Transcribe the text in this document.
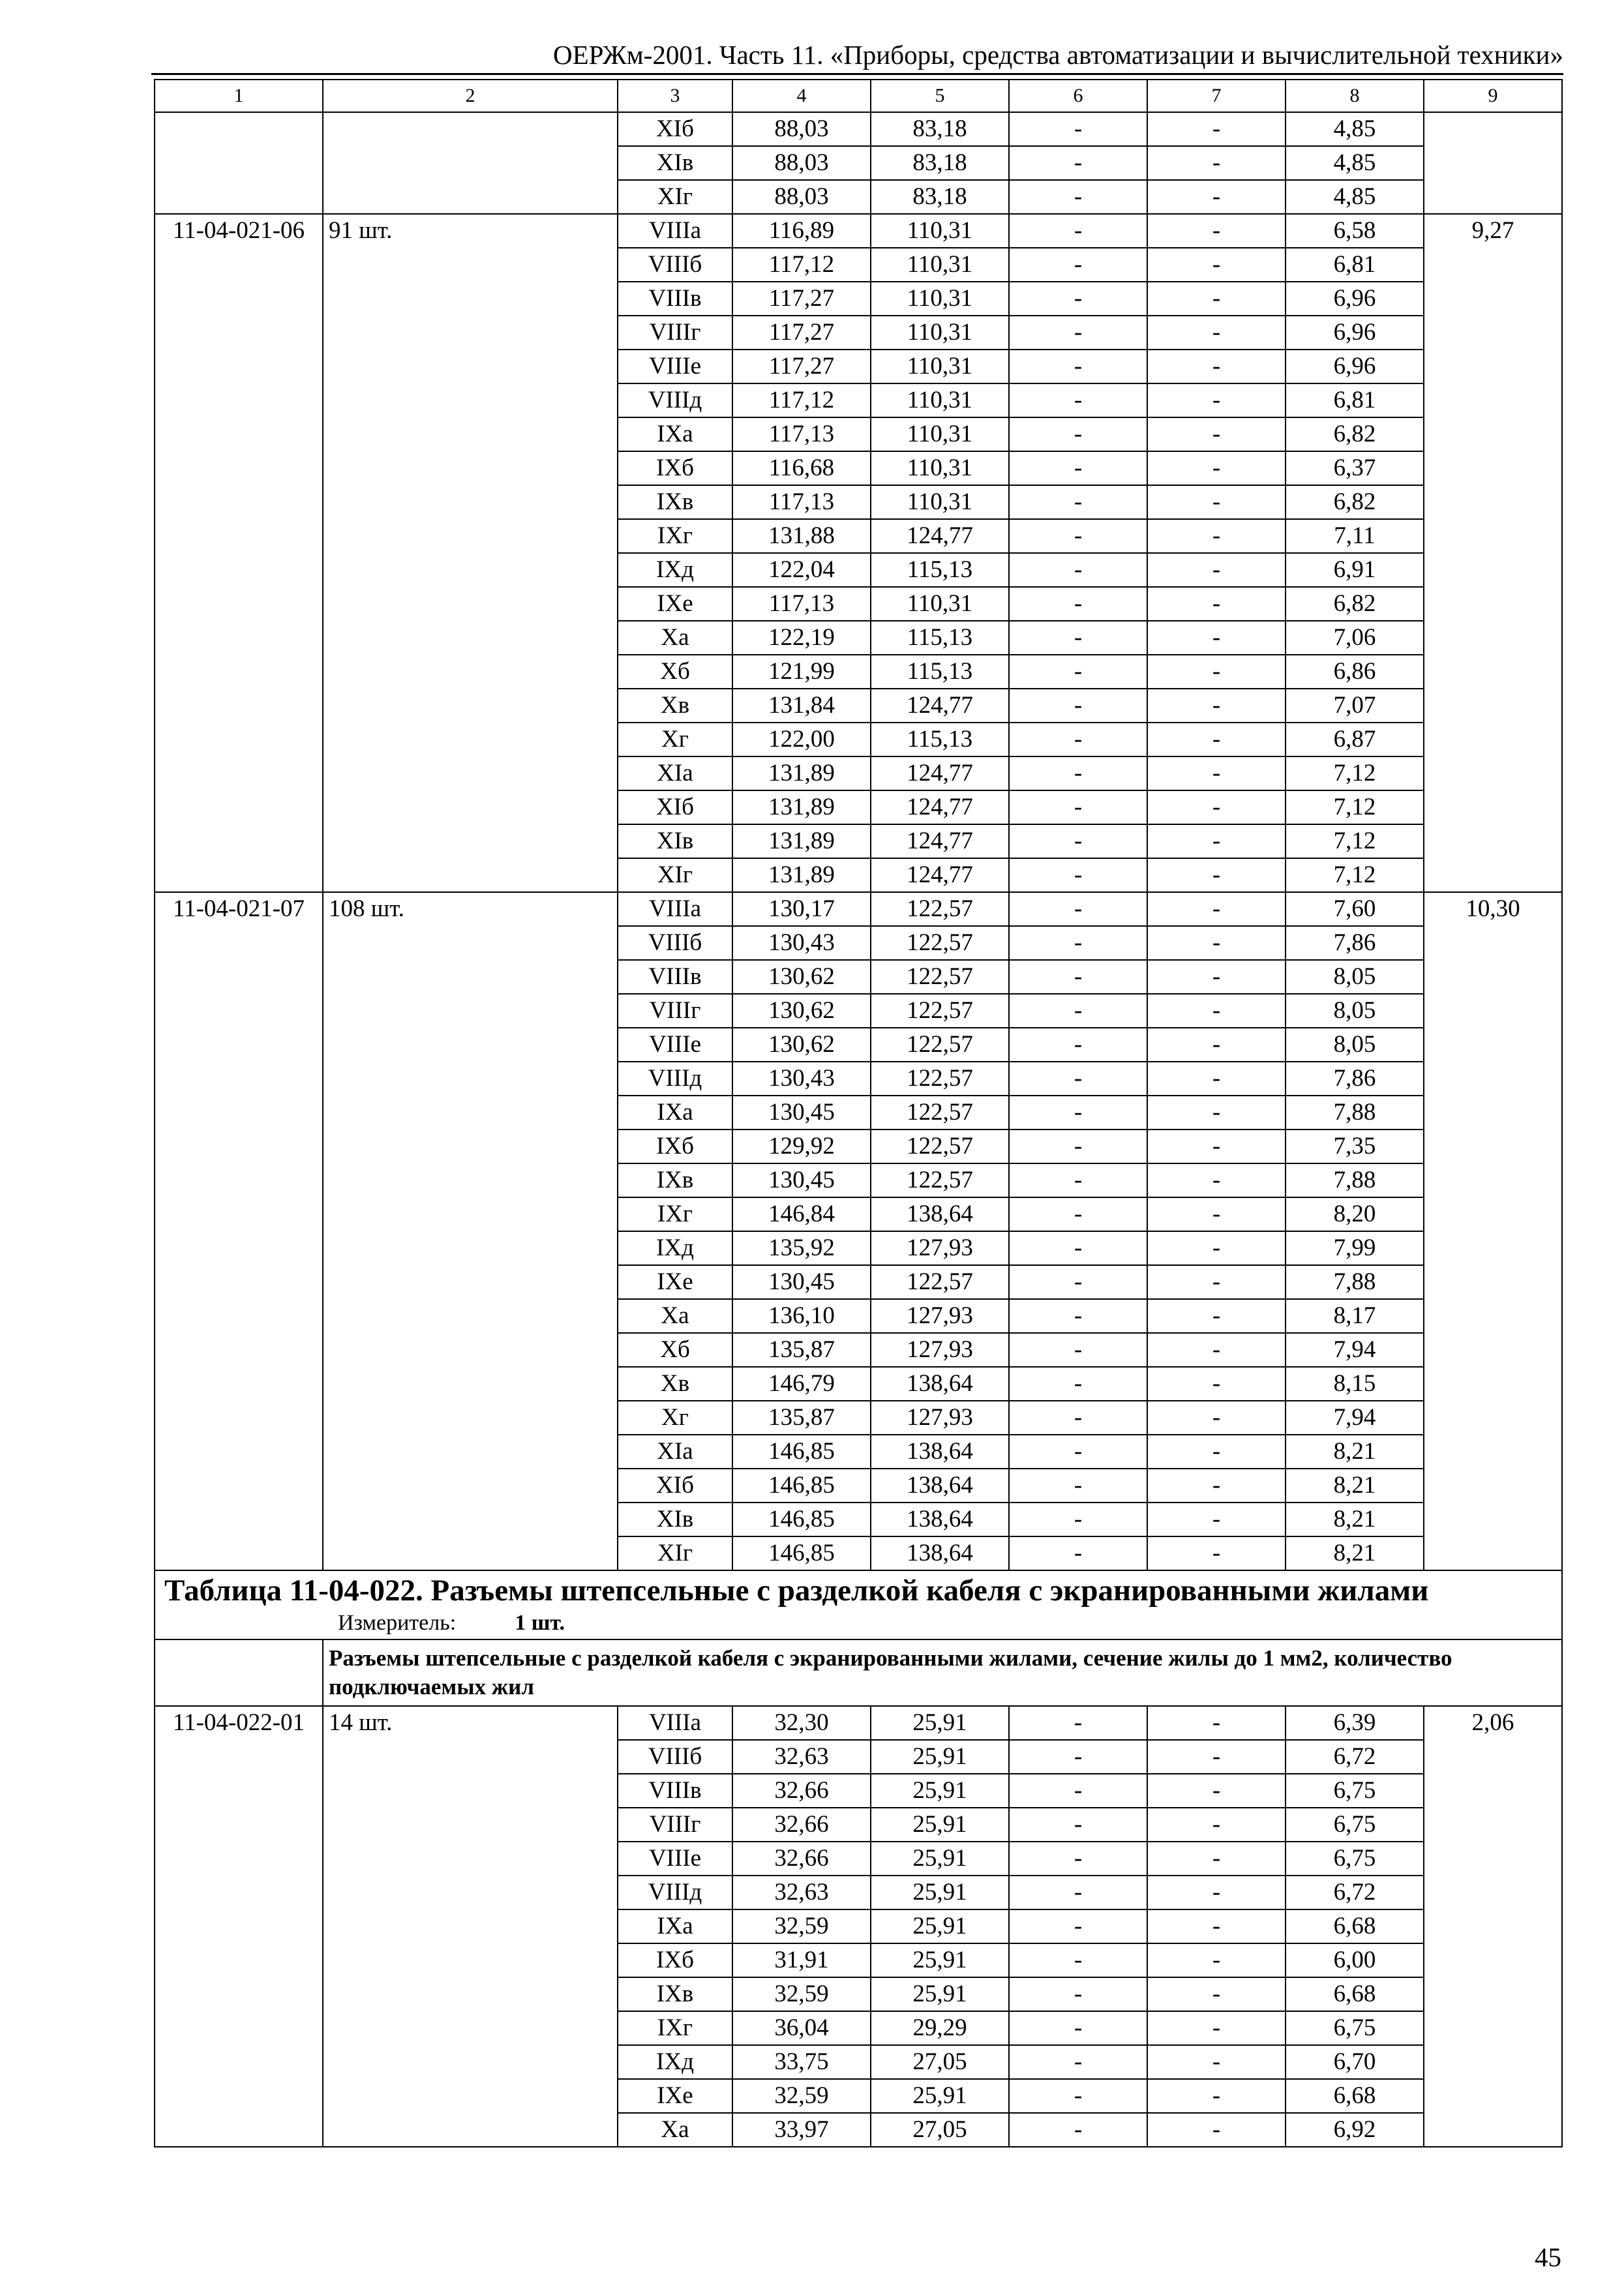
ОЕРЖм-2001. Часть 11. «Приборы, средства автоматизации и вычислительной техники»
1	2	3	4	5	6	7	8	9
		XIб	88,03	83,18	-	-	4,85	
		XIв	88,03	83,18	-	-	4,85	
		XIг	88,03	83,18	-	-	4,85	
11-04-021-06	91 шт.	VIIIа	116,89	110,31	-	-	6,58	9,27
		VIIIб	117,12	110,31	-	-	6,81	
		VIIIв	117,27	110,31	-	-	6,96	
		VIIIг	117,27	110,31	-	-	6,96	
		VIIIе	117,27	110,31	-	-	6,96	
		VIIIд	117,12	110,31	-	-	6,81	
		IXа	117,13	110,31	-	-	6,82	
		IXб	116,68	110,31	-	-	6,37	
		IXв	117,13	110,31	-	-	6,82	
		IXг	131,88	124,77	-	-	7,11	
		IXд	122,04	115,13	-	-	6,91	
		IXе	117,13	110,31	-	-	6,82	
		Xа	122,19	115,13	-	-	7,06	
		Xб	121,99	115,13	-	-	6,86	
		Xв	131,84	124,77	-	-	7,07	
		Xг	122,00	115,13	-	-	6,87	
		XIа	131,89	124,77	-	-	7,12	
		XIб	131,89	124,77	-	-	7,12	
		XIв	131,89	124,77	-	-	7,12	
		XIг	131,89	124,77	-	-	7,12	
11-04-021-07	108 шт.	VIIIа	130,17	122,57	-	-	7,60	10,30
		VIIIб	130,43	122,57	-	-	7,86	
		VIIIв	130,62	122,57	-	-	8,05	
		VIIIг	130,62	122,57	-	-	8,05	
		VIIIе	130,62	122,57	-	-	8,05	
		VIIIд	130,43	122,57	-	-	7,86	
		IXа	130,45	122,57	-	-	7,88	
		IXб	129,92	122,57	-	-	7,35	
		IXв	130,45	122,57	-	-	7,88	
		IXг	146,84	138,64	-	-	8,20	
		IXд	135,92	127,93	-	-	7,99	
		IXе	130,45	122,57	-	-	7,88	
		Xа	136,10	127,93	-	-	8,17	
		Xб	135,87	127,93	-	-	7,94	
		Xв	146,79	138,64	-	-	8,15	
		Xг	135,87	127,93	-	-	7,94	
		XIа	146,85	138,64	-	-	8,21	
		XIб	146,85	138,64	-	-	8,21	
		XIв	146,85	138,64	-	-	8,21	
		XIг	146,85	138,64	-	-	8,21	
Таблица 11-04-022. Разъемы штепсельные с разделкой кабеля с экранированными жилами
Измеритель: 1 шт.								

	Разъемы штепсельные с разделкой кабеля с экранированными жилами, сечение жилы до 1 мм2, количество подключаемых жил							
11-04-022-01	14 шт.	VIIIа	32,30	25,91	-	-	6,39	2,06
		VIIIб	32,63	25,91	-	-	6,72	
		VIIIв	32,66	25,91	-	-	6,75	
		VIIIг	32,66	25,91	-	-	6,75	
		VIIIе	32,66	25,91	-	-	6,75	
		VIIIд	32,63	25,91	-	-	6,72	
		IXа	32,59	25,91	-	-	6,68	
		IXб	31,91	25,91	-	-	6,00	
		IXв	32,59	25,91	-	-	6,68	
		IXг	36,04	29,29	-	-	6,75	
		IXд	33,75	27,05	-	-	6,70	
		IXе	32,59	25,91	-	-	6,68	
		Xа	33,97	27,05	-	-	6,92	
45
